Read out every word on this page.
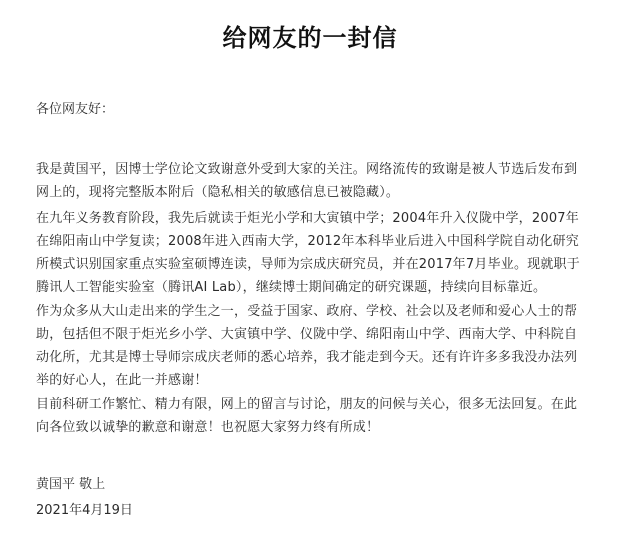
给网友的一封信
各位网友好：

我是黄国平，因博士学位论文致谢意外受到大家的关注。网络流传的致谢是被人节选后发布到网上的，现将完整版本附后（隐私相关的敏感信息已被隐藏）。

在九年义务教育阶段，我先后就读于炬光小学和大寅镇中学；2004年升入仪陇中学，2007年在绵阳南山中学复读；2008年进入西南大学，2012年本科毕业后进入中国科学院自动化研究所模式识别国家重点实验室硕博连读，导师为宗成庆研究员，并在2017年7月毕业。现就职于腾讯人工智能实验室（腾讯AI Lab），继续博士期间确定的研究课题，持续向目标靠近。

作为众多从大山走出来的学生之一，受益于国家、政府、学校、社会以及老师和爱心人士的帮助，包括但不限于炬光乡小学、大寅镇中学、仪陇中学、绵阳南山中学、西南大学、中科院自动化所，尤其是博士导师宗成庆老师的悉心培养，我才能走到今天。还有许许多多我没办法列举的好心人，在此一并感谢！

目前科研工作繁忙、精力有限，网上的留言与讨论，朋友的问候与关心，很多无法回复。在此向各位致以诚挚的歉意和谢意！也祝愿大家努力终有所成！

黄国平 敬上
2021年4月19日
